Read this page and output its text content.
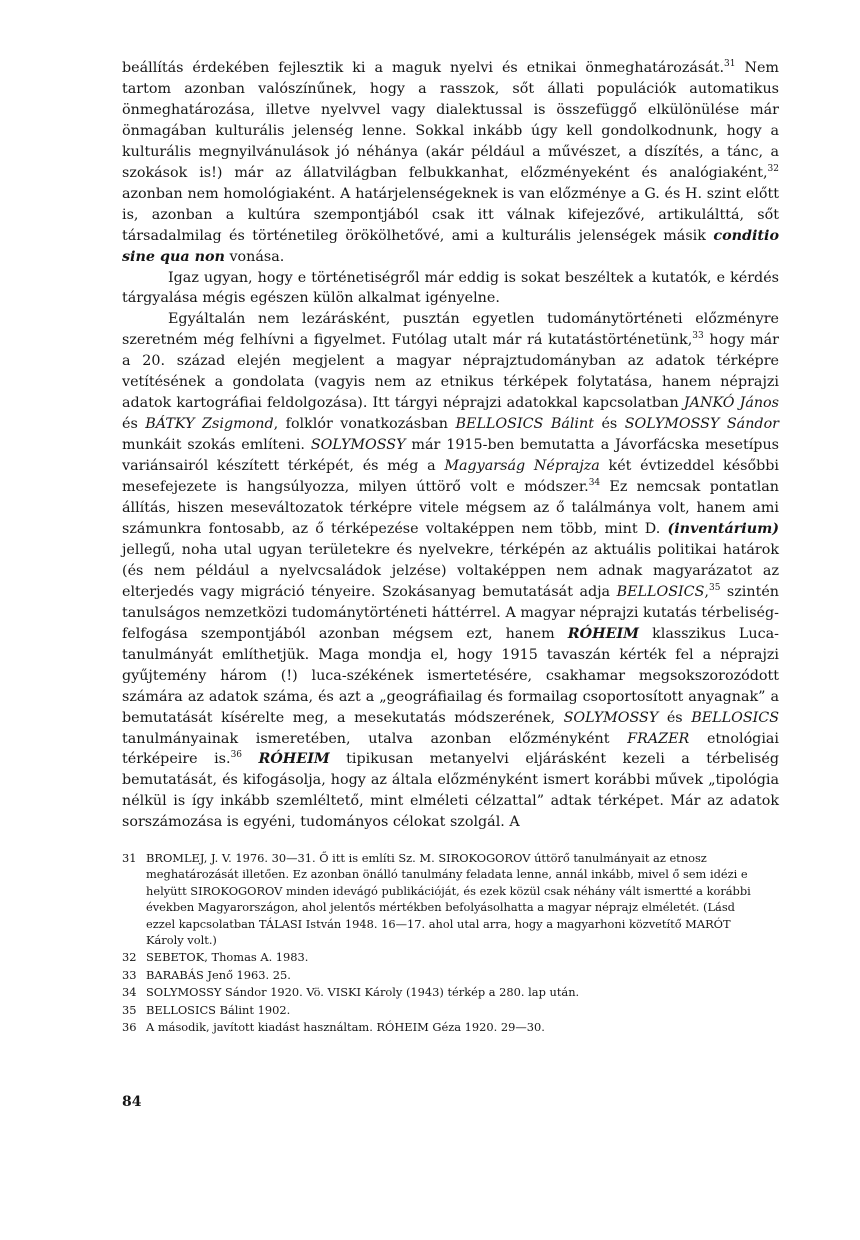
beállítás érdekében fejlesztik ki a maguk nyelvi és etnikai önmeghatározását.$^{31}$ Nem tartom azonban valószínűnek, hogy a rasszok, sőt állati populációk automatikus önmeghatározása, illetve nyelvvel vagy dialektussal is összefüggő elkülönülése már önmagában kulturális jelenség lenne. Sokkal inkább úgy kell gondolkodnunk, hogy a kulturális megnyilvánulások jó néhánya (akár például a művészet, a díszítés, a tánc, a szokások is!) már az állatvilágban felbukkanhat, előzményeként és analógiaként,$^{32}$ azonban nem homológiaként. A határjelenségeknek is van előzménye a G. és H. szint előtt is, azonban a kultúra szempontjából csak itt válnak kifejezővé, artikulálttá, sőt társadalmilag és történetileg örökölhetővé, ami a kulturális jelenségek másik conditio sine qua non vonása.

Igaz ugyan, hogy e történetiségről már eddig is sokat beszéltek a kutatók, e kérdés tárgyalása mégis egészen külön alkalmat igényelne.

Egyáltalán nem lezárásként, pusztán egyetlen tudománytörténeti előzményre szeretném még felhívni a figyelmet. Futólag utalt már rá kutatástörténetünk,$^{33}$ hogy már a 20. század elején megjelent a magyar néprajztudományban az adatok térképre vetítésének a gondolata (vagyis nem az etnikus térképek folytatása, hanem néprajzi adatok kartográfiai feldolgozása). Itt tárgyi néprajzi adatokkal kapcsolatban JANKÓ János és BÁTKY Zsigmond, folklór vonatkozásban BELLOSICS Bálint és SOLYMOSSY Sándor munkáit szokás említeni. SOLYMOSSY már 1915-ben bemutatta a Jávorfácska mesetípus variánsairól készített térképét, és még a Magyarság Néprajza két évtizeddel későbbi mesefejezete is hangsúlyozza, milyen úttörő volt e módszer.$^{34}$ Ez nemcsak pontatlan állítás, hiszen meseváltozatok térképre vitele mégsem az ő találmánya volt, hanem ami számunkra fontosabb, az ő térképezése voltaképpen nem több, mint D. (inventárium) jellegű, noha utal ugyan területekre és nyelvekre, térképén az aktuális politikai határok (és nem például a nyelvcsaládok jelzése) voltaképpen nem adnak magyarázatot az elterjedés vagy migráció tényeire. Szokásanyag bemutatását adja BELLOSICS,$^{35}$ szintén tanulságos nemzetközi tudománytörténeti háttérrel. A magyar néprajzi kutatás térbeliség-felfogása szempontjából azonban mégsem ezt, hanem RÓHEIM klasszikus Luca-tanulmányát említhetjük. Maga mondja el, hogy 1915 tavaszán kérték fel a néprajzi gyűjtemény három (!) luca-székének ismertetésére, csakhamar megsokszorozódott számára az adatok száma, és azt a „geográfiailag és formailag csoportosított anyagnak” a bemutatását kísérelte meg, a mesekutatás módszerének, SOLYMOSSY és BELLOSICS tanulmányainak ismeretében, utalva azonban előzményként FRAZER etnológiai térképeire is.$^{36}$ RÓHEIM tipikusan metanyelvi eljárásként kezeli a térbeliség bemutatását, és kifogásolja, hogy az általa előzményként ismert korábbi művek „tipológia nélkül is így inkább szemléltető, mint elméleti célzattal” adtak térképet. Már az adatok sorszámozása is egyéni, tudományos célokat szolgál. A

31 BROMLEJ, J. V. 1976. 30—31. Ő itt is említi Sz. M. SIROKOGOROV úttörő tanulmányait az etnosz meghatározását illetően. Ez azonban önálló tanulmány feladata lenne, annál inkább, mivel ő sem idézi e helyütt SIROKOGOROV minden idevágó publikációját, és ezek közül csak néhány vált ismertté a korábbi években Magyarországon, ahol jelentős mértékben befolyásolhatta a magyar néprajz elméletét. (Lásd ezzel kapcsolatban TÁLASI István 1948. 16—17. ahol utal arra, hogy a magyarhoni közvetítő MARÓT Károly volt.)
32 SEBETOK, Thomas A. 1983.
33 BARABÁS Jenő 1963. 25.
34 SOLYMOSSY Sándor 1920. Vö. VISKI Károly (1943) térkép a 280. lap után.
35 BELLOSICS Bálint 1902.
36 A második, javított kiadást használtam. RÓHEIM Géza 1920. 29—30.
84
